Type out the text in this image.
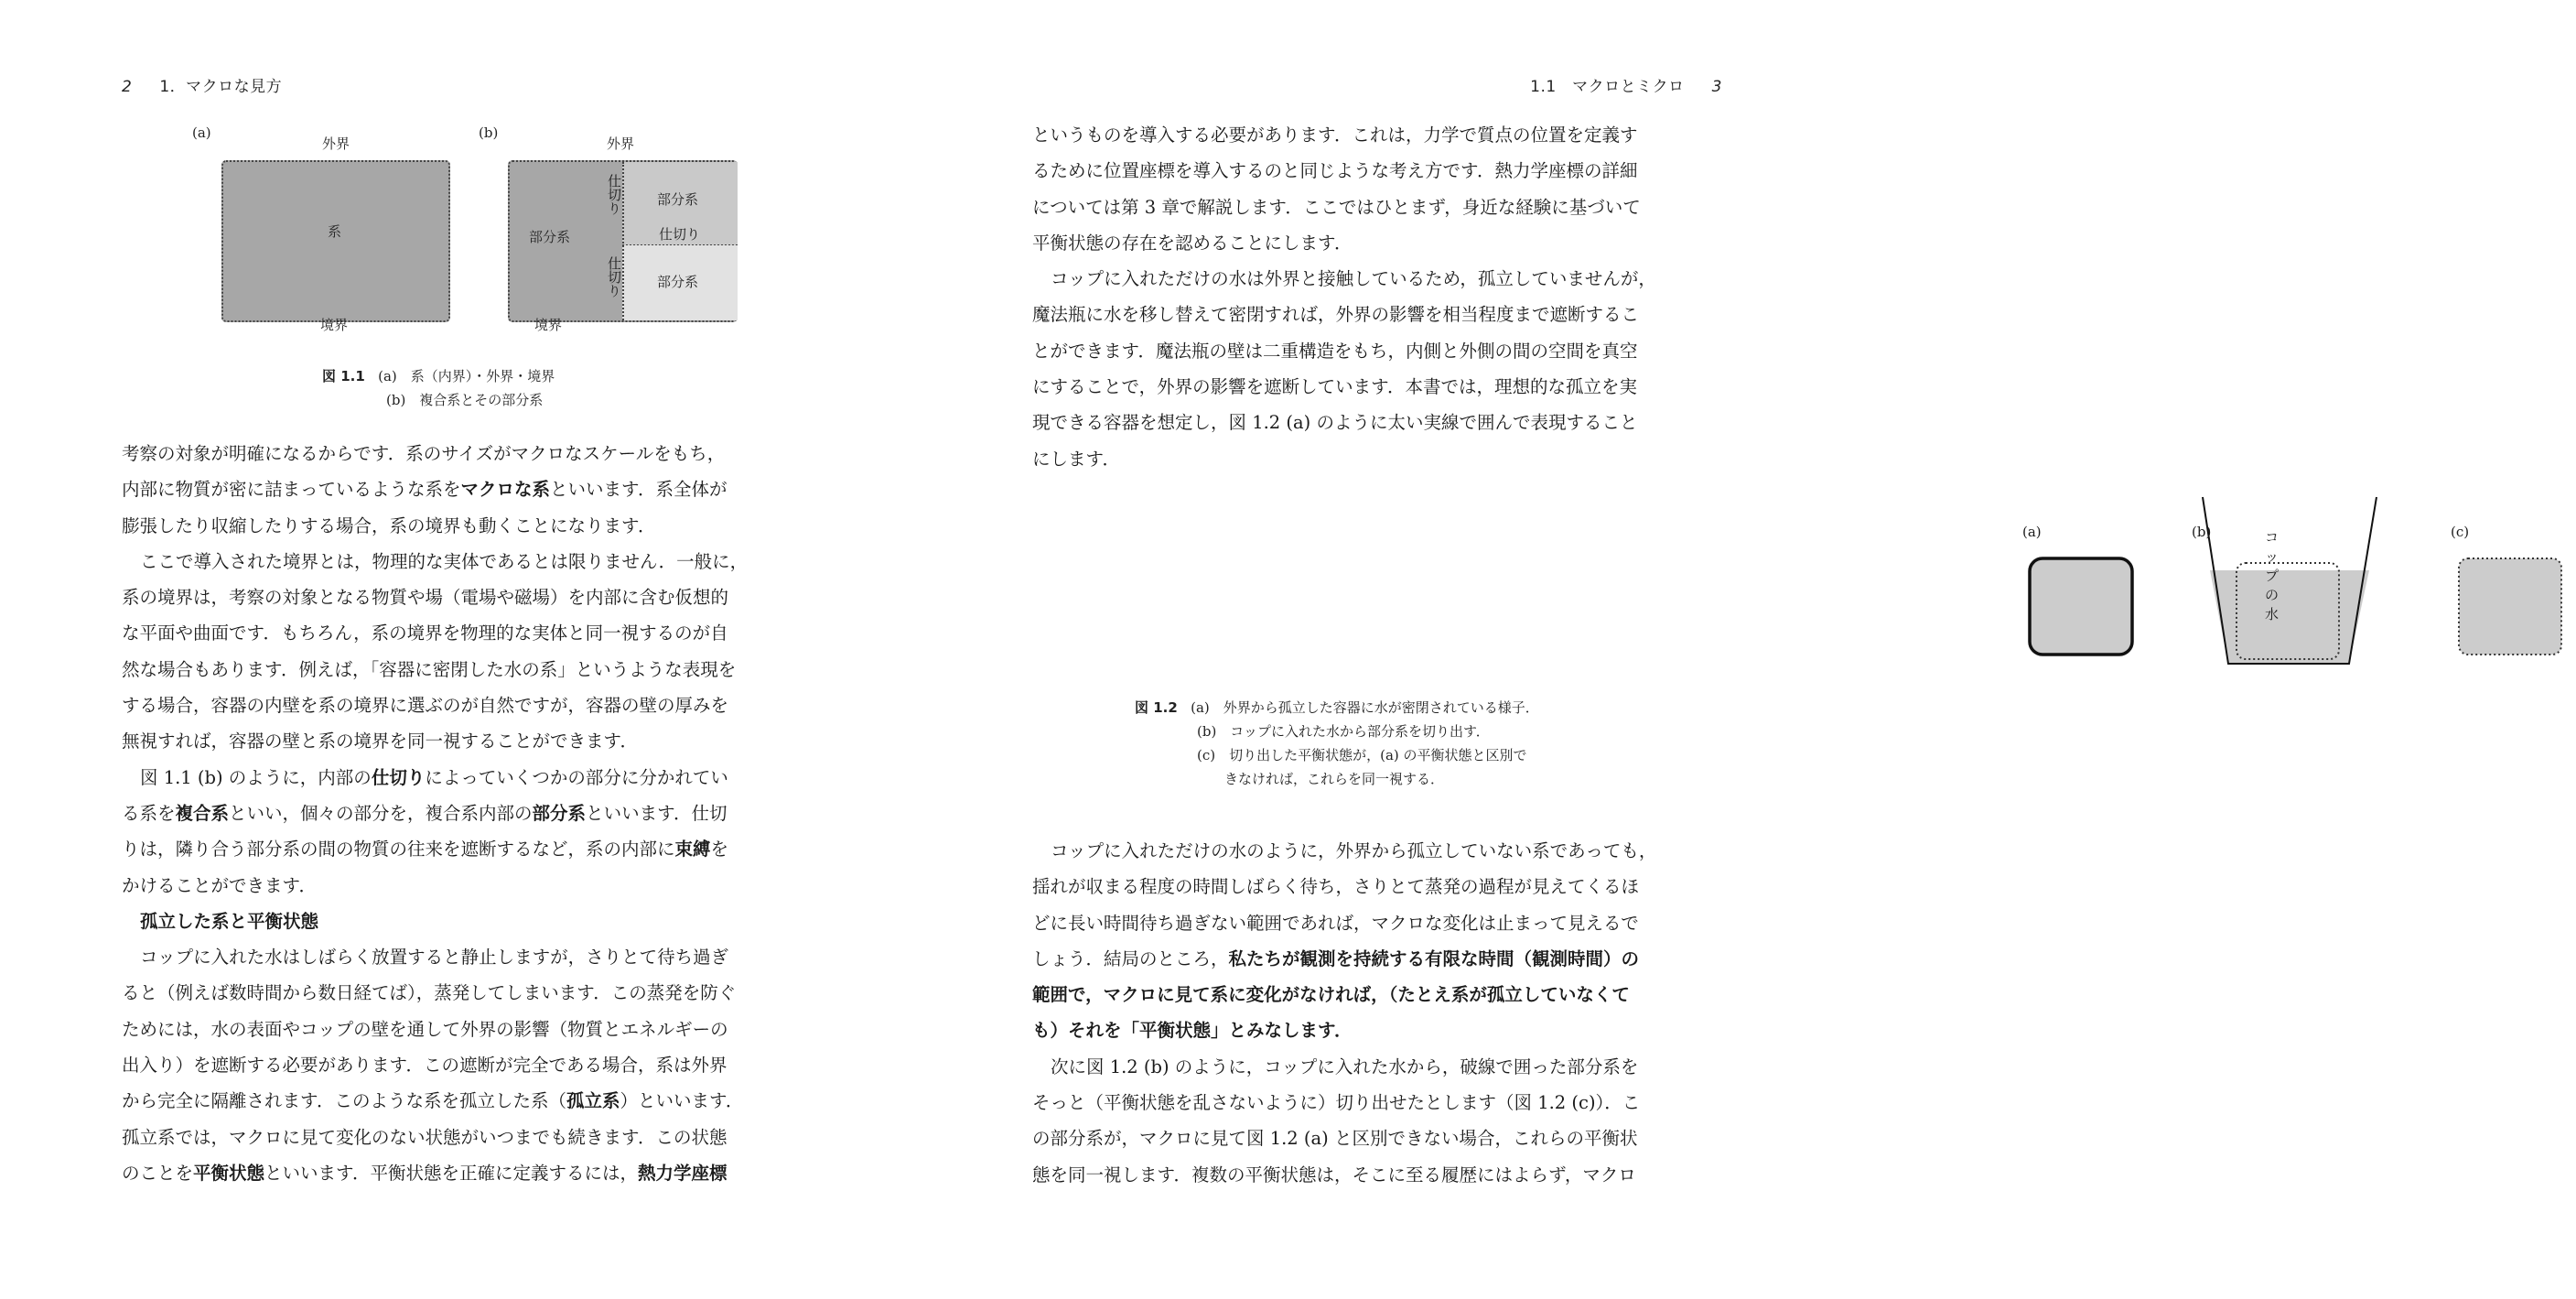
2 1．マクロな見方
(a)
外界
系
境界
(b)
外界
部分系
部分系
部分系
仕切り
仕切り
仕切り
境界
図 1.1 (a)　系（内界）・外界・境界
(b)　複合系とその部分系

考察の対象が明確になるからです．系のサイズがマクロなスケールをもち，

内部に物質が密に詰まっているような系をマクロな系といいます．系全体が

膨張したり収縮したりする場合，系の境界も動くことになります．

ここで導入された境界とは，物理的な実体であるとは限りません．一般に，

系の境界は，考察の対象となる物質や場（電場や磁場）を内部に含む仮想的

な平面や曲面です．もちろん，系の境界を物理的な実体と同一視するのが自

然な場合もあります．例えば，「容器に密閉した水の系」というような表現を

する場合，容器の内壁を系の境界に選ぶのが自然ですが，容器の壁の厚みを

無視すれば，容器の壁と系の境界を同一視することができます．

図 1.1 (b) のように，内部の仕切りによっていくつかの部分に分かれてい

る系を複合系といい，個々の部分を，複合系内部の部分系といいます．仕切

りは，隣り合う部分系の間の物質の往来を遮断するなど，系の内部に束縛を

かけることができます．

孤立した系と平衡状態

コップに入れた水はしばらく放置すると静止しますが，さりとて待ち過ぎ

ると（例えば数時間から数日経てば），蒸発してしまいます．この蒸発を防ぐ

ためには，水の表面やコップの壁を通して外界の影響（物質とエネルギーの

出入り）を遮断する必要があります．この遮断が完全である場合，系は外界

から完全に隔離されます．このような系を孤立した系（孤立系）といいます．

孤立系では，マクロに見て変化のない状態がいつまでも続きます．この状態

のことを平衡状態といいます．平衡状態を正確に定義するには，熱力学座標

1.1　マクロとミクロ 3

というものを導入する必要があります．これは，力学で質点の位置を定義す

るために位置座標を導入するのと同じような考え方です．熱力学座標の詳細

については第 3 章で解説します．ここではひとまず，身近な経験に基づいて

平衡状態の存在を認めることにします．

コップに入れただけの水は外界と接触しているため，孤立していませんが，

魔法瓶に水を移し替えて密閉すれば，外界の影響を相当程度まで遮断するこ

とができます．魔法瓶の壁は二重構造をもち，内側と外側の間の空間を真空

にすることで，外界の影響を遮断しています．本書では，理想的な孤立を実

現できる容器を想定し，図 1.2 (a) のように太い実線で囲んで表現すること

にします．

(a)	(b)	コップの水
(c)
図 1.2 (a)　外界から孤立した容器に水が密閉されている様子．
(b)　コップに入れた水から部分系を切り出す．
(c)　切り出した平衡状態が，(a) の平衡状態と区別で
きなければ，これらを同一視する．

コップに入れただけの水のように，外界から孤立していない系であっても，

揺れが収まる程度の時間しばらく待ち，さりとて蒸発の過程が見えてくるほ

どに長い時間待ち過ぎない範囲であれば，マクロな変化は止まって見えるで

しょう．結局のところ，私たちが観測を持続する有限な時間（観測時間）の

範囲で，マクロに見て系に変化がなければ，（たとえ系が孤立していなくて

も）それを「平衡状態」とみなします．

次に図 1.2 (b) のように，コップに入れた水から，破線で囲った部分系を

そっと（平衡状態を乱さないように）切り出せたとします（図 1.2 (c)）．こ

の部分系が，マクロに見て図 1.2 (a) と区別できない場合，これらの平衡状

態を同一視します．複数の平衡状態は，そこに至る履歴にはよらず，マクロ
